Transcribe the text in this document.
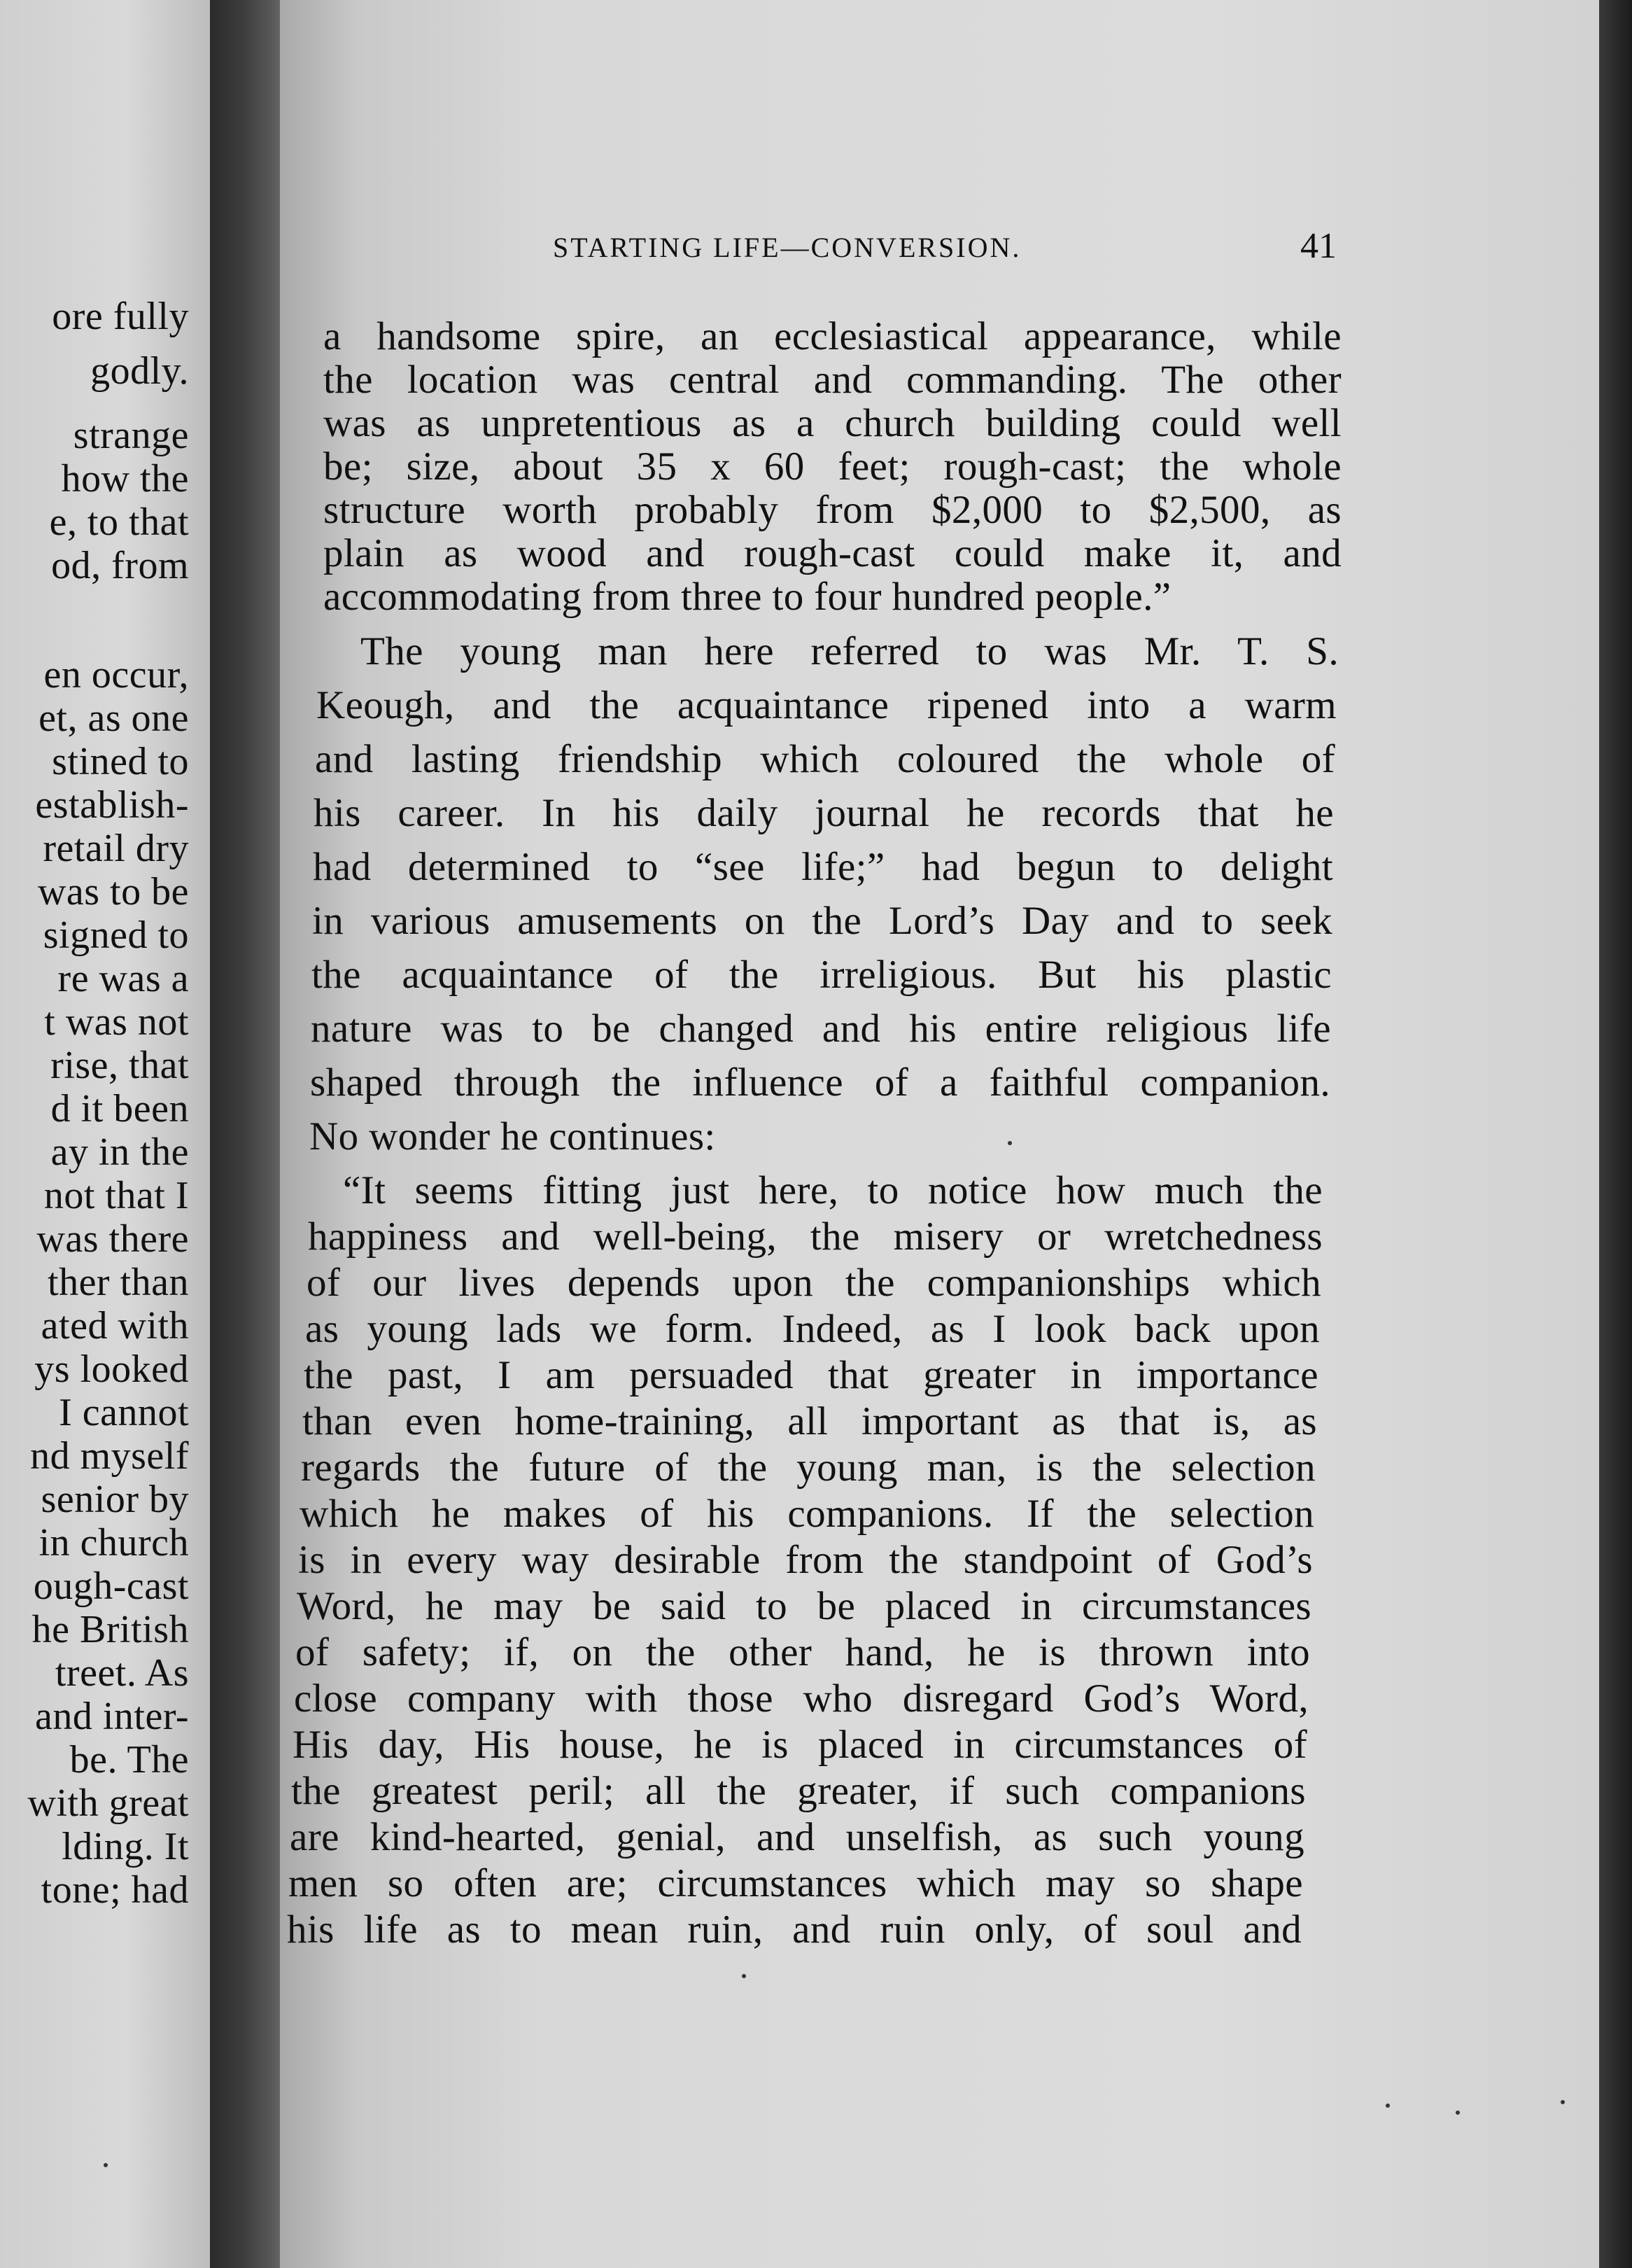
ore fully
godly.
strange
how the
e, to that
od, from
en occur,
et, as one
stined to
establish-
retail dry
was to be
signed to
re was a
t was not
rise, that
d it been
ay in the
not that I
was there
ther than
ated with
ys looked
I cannot
nd myself
senior by
in church
ough-cast
he British
treet. As
and inter-
be. The
with great
lding. It
tone; had
STARTING LIFE—CONVERSION.	41
a handsome spire, an ecclesiastical appearance, while
the location was central and commanding. The other
was as unpretentious as a church building could well
be; size, about 35 x 60 feet; rough-cast; the whole
structure worth probably from $2,000 to $2,500, as
plain as wood and rough-cast could make it, and
accommodating from three to four hundred people.”
The young man here referred to was Mr. T. S.
Keough, and the acquaintance ripened into a warm
and lasting friendship which coloured the whole of
his career. In his daily journal he records that he
had determined to “see life;” had begun to delight
in various amusements on the Lord’s Day and to seek
the acquaintance of the irreligious. But his plastic
nature was to be changed and his entire religious life
shaped through the influence of a faithful companion.
No wonder he continues:
“It seems fitting just here, to notice how much the
happiness and well-being, the misery or wretchedness
of our lives depends upon the companionships which
as young lads we form. Indeed, as I look back upon
the past, I am persuaded that greater in importance
than even home-training, all important as that is, as
regards the future of the young man, is the selection
which he makes of his companions. If the selection
is in every way desirable from the standpoint of God’s
Word, he may be said to be placed in circumstances
of safety; if, on the other hand, he is thrown into
close company with those who disregard God’s Word,
His day, His house, he is placed in circumstances of
the greatest peril; all the greater, if such companions
are kind-hearted, genial, and unselfish, as such young
men so often are; circumstances which may so shape
his life as to mean ruin, and ruin only, of soul and
